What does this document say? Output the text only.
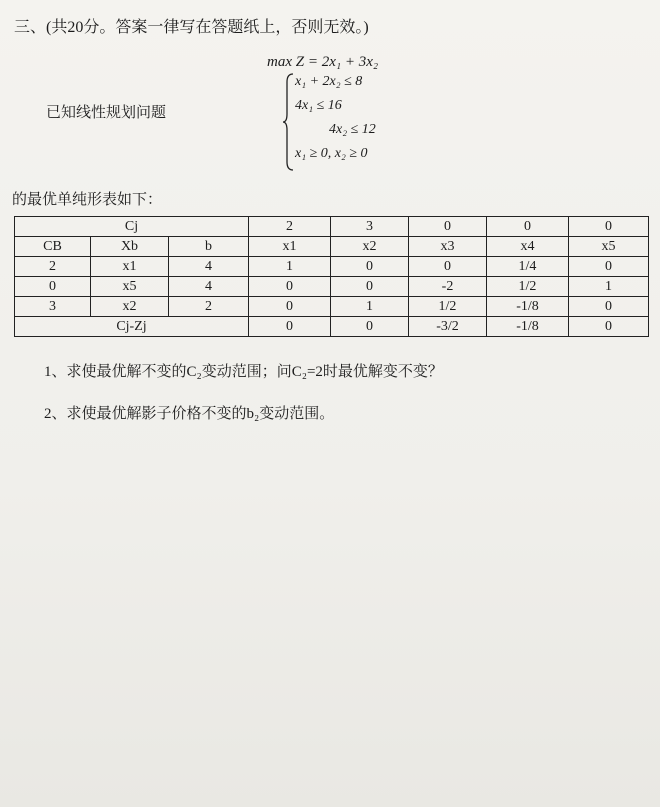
三、(共20分。答案一律写在答题纸上，否则无效。)
max Z = 2x₁ + 3x₂
已知线性规划问题
x₁ + 2x₂ ≤ 8
4x₁ ≤ 16
4x₂ ≤ 12
x₁ ≥ 0, x₂ ≥ 0
的最优单纯形表如下：
Cj			2	3	0	0	0
CB	Xb	b	x1	x2	x3	x4	x5
2	x1	4	1	0	0	1/4	0
0	x5	4	0	0	-2	1/2	1
3	x2	2	0	1	1/2	-1/8	0
Cj-Zj			0	0	-3/2	-1/8	0
1、求使最优解不变的C₂变动范围；问C₂=2时最优解变不变？
2、求使最优解影子价格不变的b₂变动范围。
